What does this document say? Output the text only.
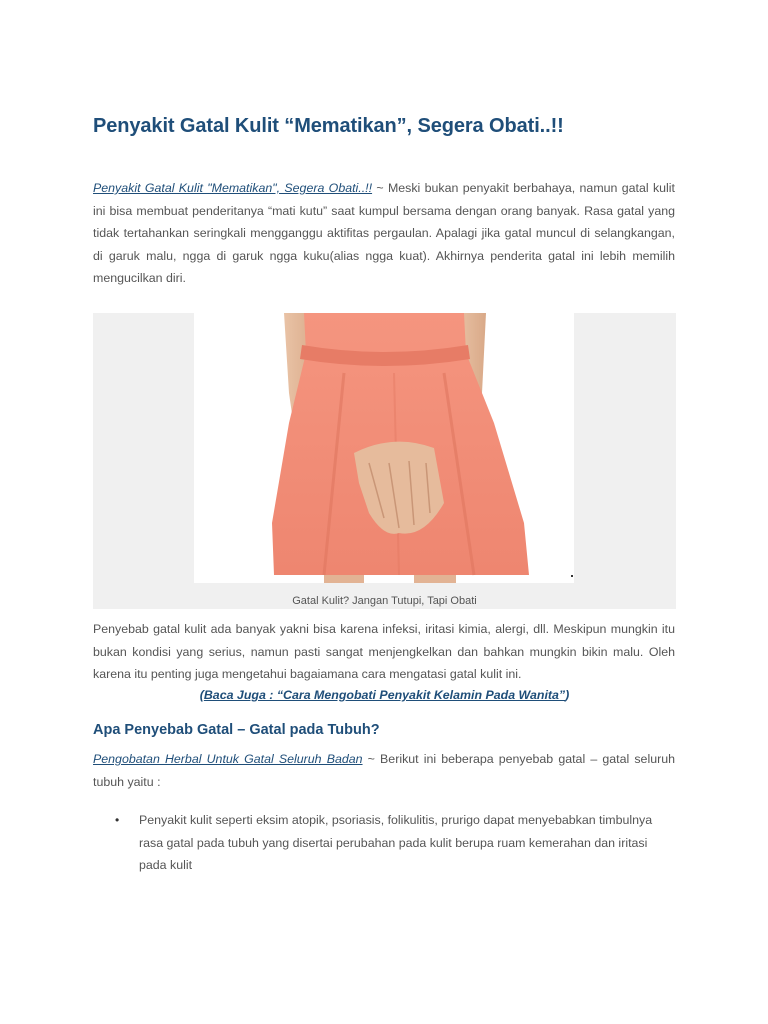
Penyakit Gatal Kulit “Mematikan”, Segera Obati..!!

Penyakit Gatal Kulit "Mematikan", Segera Obati..!! ~ Meski bukan penyakit berbahaya, namun gatal kulit ini bisa membuat penderitanya “mati kutu” saat kumpul bersama dengan orang banyak. Rasa gatal yang tidak tertahankan seringkali mengganggu aktifitas pergaulan. Apalagi jika gatal muncul di selangkangan, di garuk malu, ngga di garuk ngga kuku(alias ngga kuat). Akhirnya penderita gatal ini lebih memilih mengucilkan diri.

Gatal Kulit? Jangan Tutupi, Tapi Obati

Penyebab gatal kulit ada banyak yakni bisa karena infeksi, iritasi kimia, alergi, dll. Meskipun mungkin itu bukan kondisi yang serius, namun pasti sangat menjengkelkan dan bahkan mungkin bikin malu. Oleh karena itu penting juga mengetahui bagaiamana cara mengatasi gatal kulit ini.

(Baca Juga : “Cara Mengobati Penyakit Kelamin Pada Wanita”)
Apa Penyebab Gatal – Gatal pada Tubuh?

Pengobatan Herbal Untuk Gatal Seluruh Badan ~ Berikut ini beberapa penyebab gatal – gatal seluruh tubuh yaitu :

• Penyakit kulit seperti eksim atopik, psoriasis, folikulitis, prurigo dapat menyebabkan timbulnya rasa gatal pada tubuh yang disertai perubahan pada kulit berupa ruam kemerahan dan iritasi pada kulit
